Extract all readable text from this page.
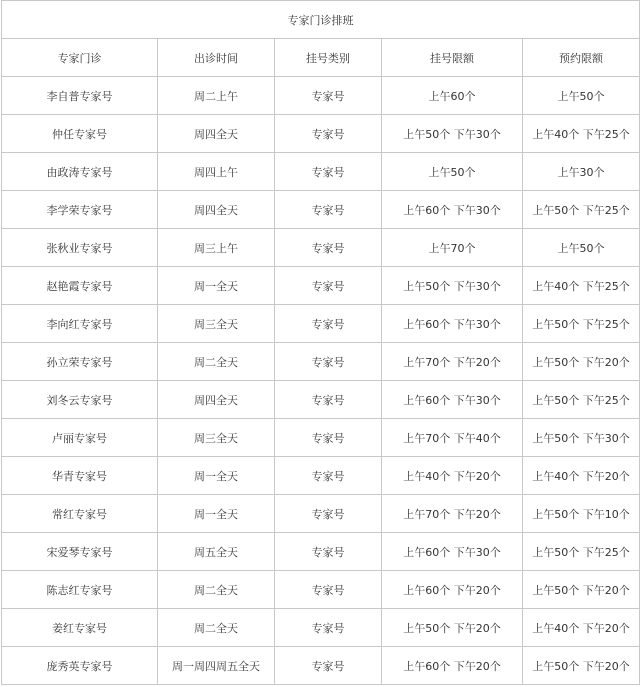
专家门诊排班				
专家门诊	出诊时间	挂号类别	挂号限额	预约限额
李自普专家号	周二上午	专家号	上午60个	上午50个
仲任专家号	周四全天	专家号	上午50个 下午30个	上午40个 下午25个
由政涛专家号	周四上午	专家号	上午50个	上午30个
李学荣专家号	周四全天	专家号	上午60个 下午30个	上午50个 下午25个
张秋业专家号	周三上午	专家号	上午70个	上午50个
赵艳霞专家号	周一全天	专家号	上午50个 下午30个	上午40个 下午25个
李向红专家号	周三全天	专家号	上午60个 下午30个	上午50个 下午25个
孙立荣专家号	周二全天	专家号	上午70个 下午20个	上午50个 下午20个
刘冬云专家号	周四全天	专家号	上午60个 下午30个	上午50个 下午25个
卢丽专家号	周三全天	专家号	上午70个 下午40个	上午50个 下午30个
华青专家号	周一全天	专家号	上午40个 下午20个	上午40个 下午20个
常红专家号	周一全天	专家号	上午70个 下午20个	上午50个 下午10个
宋爱琴专家号	周五全天	专家号	上午60个 下午30个	上午50个 下午25个
陈志红专家号	周二全天	专家号	上午60个 下午20个	上午50个 下午20个
姜红专家号	周二全天	专家号	上午50个 下午20个	上午40个 下午20个
庞秀英专家号	周一周四周五全天	专家号	上午60个 下午20个	上午50个 下午20个
